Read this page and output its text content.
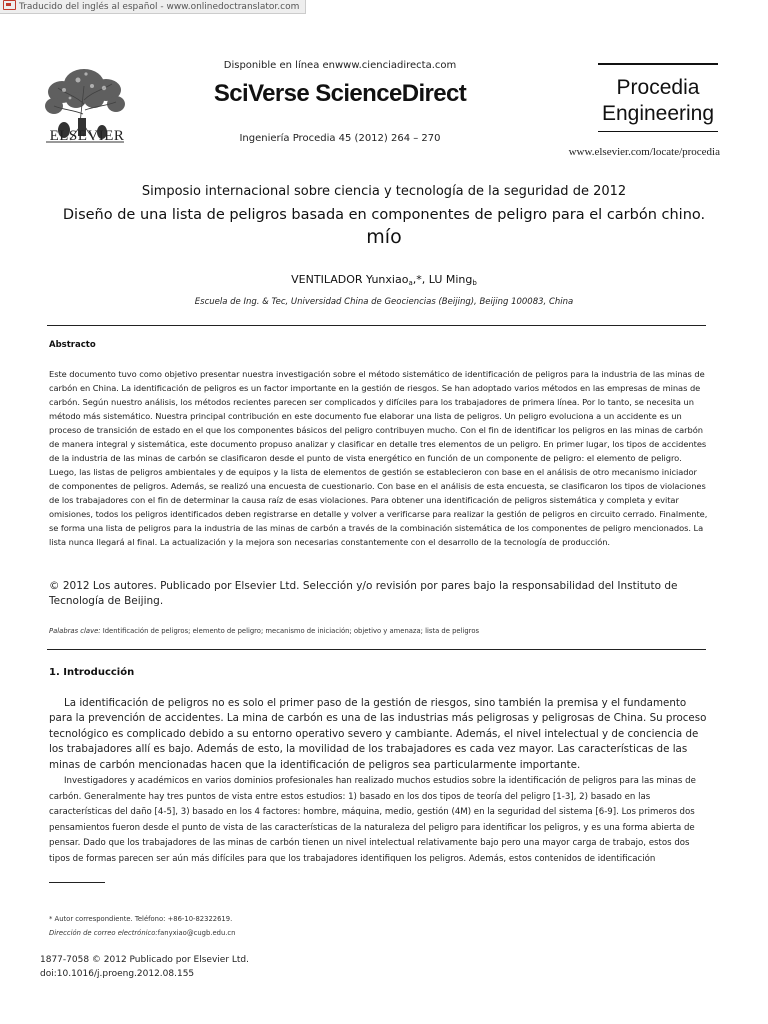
Traducido del inglés al español - www.onlinedoctranslator.com
ELSEVIER
Disponible en línea enwww.cienciadirecta.com
SciVerse ScienceDirect
Ingeniería Procedia 45 (2012) 264 – 270
Procedia
Engineering
www.elsevier.com/locate/procedia
Simposio internacional sobre ciencia y tecnología de la seguridad de 2012
Diseño de una lista de peligros basada en componentes de peligro para el carbón chino.
mío
VENTILADOR Yunxiao$_a$,*, LU Ming$_b$
Escuela de Ing. & Tec, Universidad China de Geociencias (Beijing), Beijing 100083, China
Abstracto

Este documento tuvo como objetivo presentar nuestra investigación sobre el método sistemático de identificación de peligros para la industria de las minas de carbón en China. La identificación de peligros es un factor importante en la gestión de riesgos. Se han adoptado varios métodos en las empresas de minas de carbón. Según nuestro análisis, los métodos recientes parecen ser complicados y difíciles para los trabajadores de primera línea. Por lo tanto, se necesita un método más sistemático. Nuestra principal contribución en este documento fue elaborar una lista de peligros. Un peligro evoluciona a un accidente es un proceso de transición de estado en el que los componentes básicos del peligro contribuyen mucho. Con el fin de identificar los peligros en las minas de carbón de manera integral y sistemática, este documento propuso analizar y clasificar en detalle tres elementos de un peligro. En primer lugar, los tipos de accidentes de la industria de las minas de carbón se clasificaron desde el punto de vista energético en función de un componente de peligro: el elemento de peligro. Luego, las listas de peligros ambientales y de equipos y la lista de elementos de gestión se establecieron con base en el análisis de otro mecanismo iniciador de componentes de peligros. Además, se realizó una encuesta de cuestionario. Con base en el análisis de esta encuesta, se clasificaron los tipos de violaciones de los trabajadores con el fin de determinar la causa raíz de esas violaciones. Para obtener una identificación de peligros sistemática y completa y evitar omisiones, todos los peligros identificados deben registrarse en detalle y volver a verificarse para realizar la gestión de peligros en circuito cerrado. Finalmente, se forma una lista de peligros para la industria de las minas de carbón a través de la combinación sistemática de los componentes de peligro mencionados. La lista nunca llegará al final. La actualización y la mejora son necesarias constantemente con el desarrollo de la tecnología de producción.

© 2012 Los autores. Publicado por Elsevier Ltd. Selección y/o revisión por pares bajo la responsabilidad del Instituto de Tecnología de Beijing.

Palabras clave: Identificación de peligros; elemento de peligro; mecanismo de iniciación; objetivo y amenaza; lista de peligros
1. Introducción

La identificación de peligros no es solo el primer paso de la gestión de riesgos, sino también la premisa y el fundamento para la prevención de accidentes. La mina de carbón es una de las industrias más peligrosas y peligrosas de China. Su proceso tecnológico es complicado debido a su entorno operativo severo y cambiante. Además, el nivel intelectual y de conciencia de los trabajadores allí es bajo. Además de esto, la movilidad de los trabajadores es cada vez mayor. Las características de las minas de carbón mencionadas hacen que la identificación de peligros sea particularmente importante.

Investigadores y académicos en varios dominios profesionales han realizado muchos estudios sobre la identificación de peligros para las minas de carbón. Generalmente hay tres puntos de vista entre estos estudios: 1) basado en los dos tipos de teoría del peligro [1-3], 2) basado en las características del daño [4-5], 3) basado en los 4 factores: hombre, máquina, medio, gestión (4M) en la seguridad del sistema [6-9]. Los primeros dos pensamientos fueron desde el punto de vista de las características de la naturaleza del peligro para identificar los peligros, y es una forma abierta de pensar. Dado que los trabajadores de las minas de carbón tienen un nivel intelectual relativamente bajo pero una mayor carga de trabajo, estos dos tipos de formas parecen ser aún más difíciles para que los trabajadores identifiquen los peligros. Además, estos contenidos de identificación

* Autor correspondiente. Teléfono: +86-10-82322619.
Dirección de correo electrónico:fanyxiao@cugb.edu.cn
1877-7058 © 2012 Publicado por Elsevier Ltd.
doi:10.1016/j.proeng.2012.08.155
